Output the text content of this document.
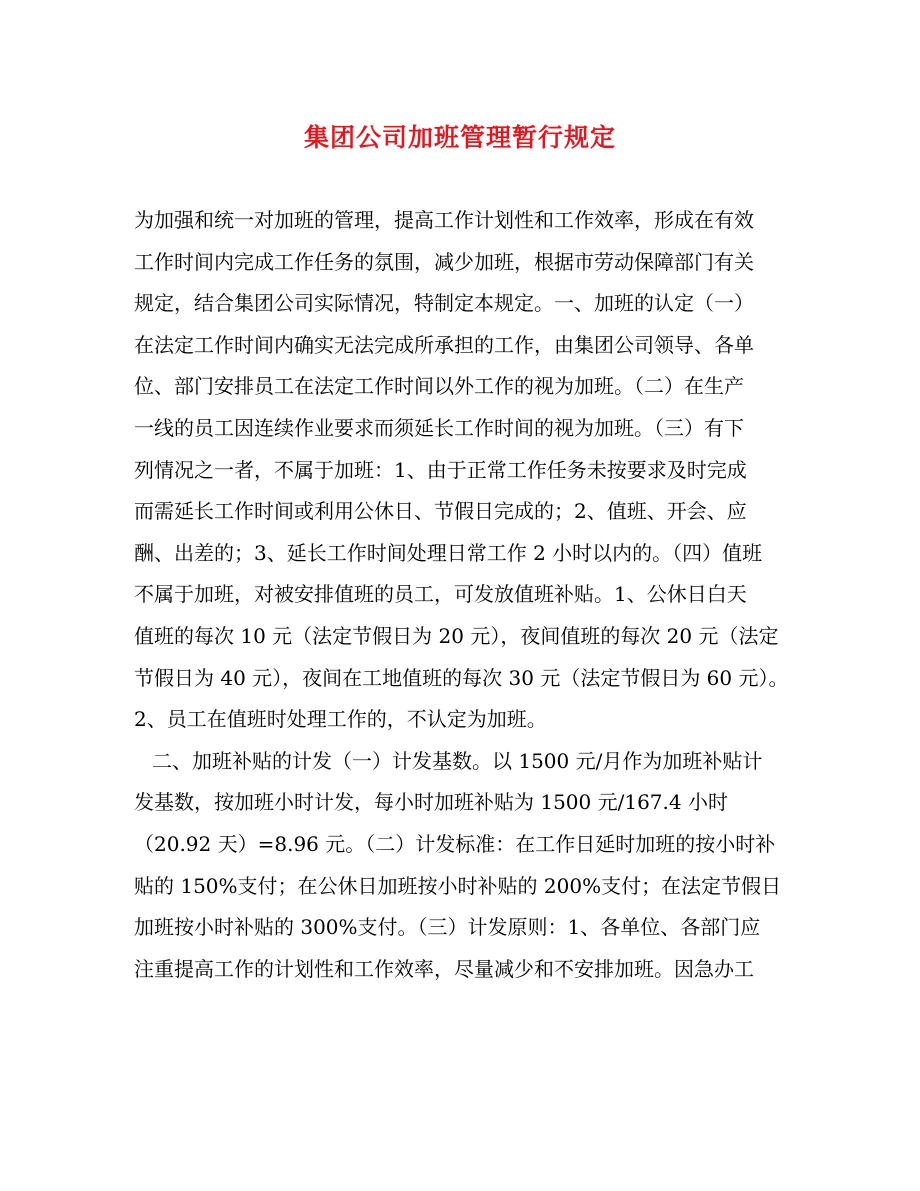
集团公司加班管理暂行规定
为加强和统一对加班的管理，提高工作计划性和工作效率，形成在有效
工作时间内完成工作任务的氛围，减少加班，根据市劳动保障部门有关
规定，结合集团公司实际情况，特制定本规定。一、加班的认定（一）
在法定工作时间内确实无法完成所承担的工作，由集团公司领导、各单
位、部门安排员工在法定工作时间以外工作的视为加班。（二）在生产
一线的员工因连续作业要求而须延长工作时间的视为加班。（三）有下
列情况之一者，不属于加班：1、由于正常工作任务未按要求及时完成
而需延长工作时间或利用公休日、节假日完成的；2、值班、开会、应
酬、出差的；3、延长工作时间处理日常工作 2 小时以内的。（四）值班
不属于加班，对被安排值班的员工，可发放值班补贴。1、公休日白天
值班的每次 10 元（法定节假日为 20 元），夜间值班的每次 20 元（法定
节假日为 40 元），夜间在工地值班的每次 30 元（法定节假日为 60 元）。
2、员工在值班时处理工作的，不认定为加班。
二、加班补贴的计发（一）计发基数。以 1500 元/月作为加班补贴计
发基数，按加班小时计发，每小时加班补贴为 1500 元/167.4 小时
（20.92 天）=8.96 元。（二）计发标准：在工作日延时加班的按小时补
贴的 150%支付；在公休日加班按小时补贴的 200%支付；在法定节假日
加班按小时补贴的 300%支付。（三）计发原则：1、各单位、各部门应
注重提高工作的计划性和工作效率，尽量减少和不安排加班。因急办工
